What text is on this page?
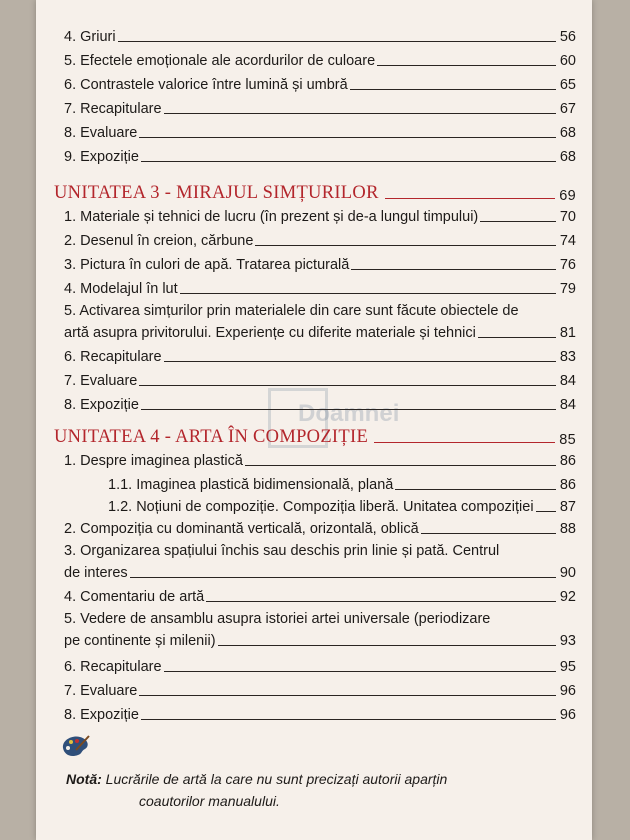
Doamnei
4. Griuri	56
5. Efectele emoționale ale acordurilor de culoare	60
6. Contrastele valorice între lumină și umbră	65
7. Recapitulare	67
8. Evaluare	68
9. Expoziție	68
UNITATEA 3 - MIRAJUL SIMȚURILOR	69
1. Materiale și tehnici de lucru (în prezent și de-a lungul timpului)	70
2. Desenul în creion, cărbune	74
3. Pictura în culori de apă. Tratarea picturală	76
4. Modelajul în lut	79
5. Activarea simțurilor prin materialele din care sunt făcute obiectele de
artă asupra privitorului. Experiențe cu diferite materiale și tehnici	81
6. Recapitulare	83
7. Evaluare	84
8. Expoziție	84
UNITATEA 4 - ARTA ÎN COMPOZIȚIE	85
1. Despre imaginea plastică	86
1.1. Imaginea plastică bidimensională, plană	86
1.2. Noțiuni de compoziție. Compoziția liberă. Unitatea compoziției 87
2. Compoziția cu dominantă verticală, orizontală, oblică	88
3. Organizarea spațiului închis sau deschis prin linie și pată. Centrul
de interes	90
4. Comentariu de artă	92
5. Vedere de ansamblu asupra istoriei artei universale (periodizare
pe continente și milenii)	93
6. Recapitulare	95
7. Evaluare	96
8. Expoziție	96
Notă: Lucrările de artă la care nu sunt precizați autorii aparțin
coautorilor manualului.
